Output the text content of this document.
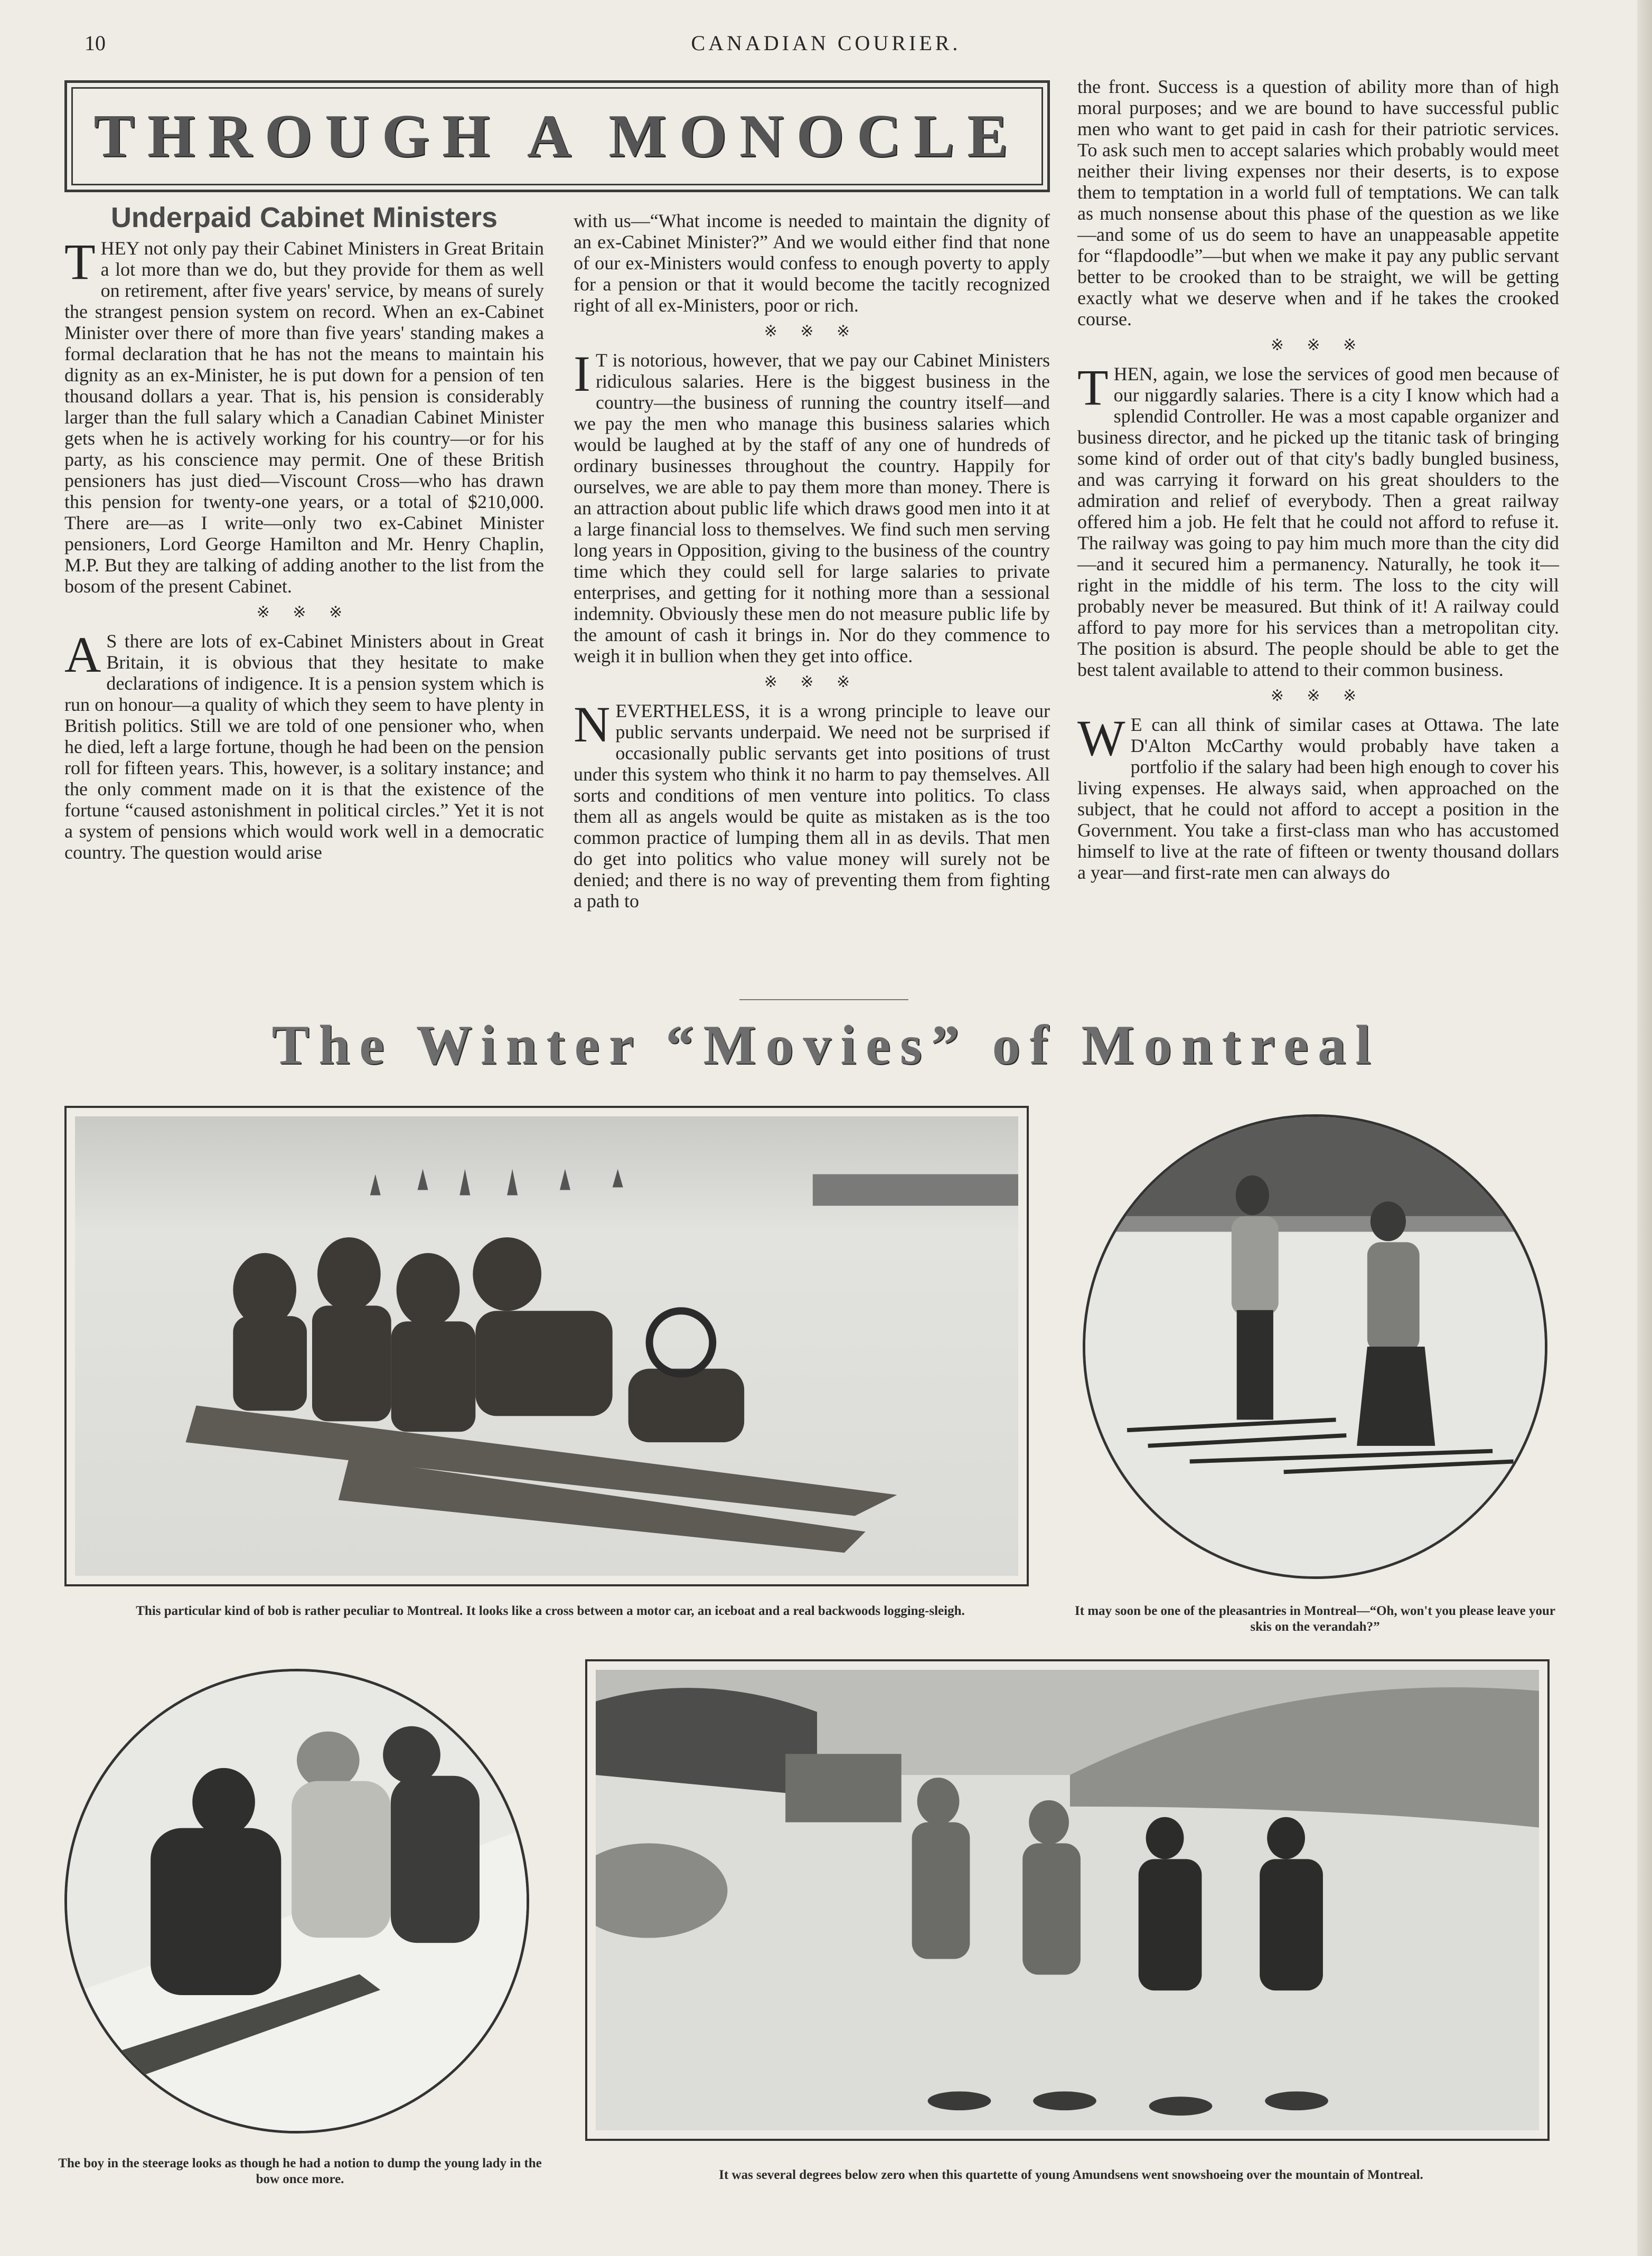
10	CANADIAN COURIER.
THROUGH A MONOCLE
Underpaid Cabinet Ministers

THEY not only pay their Cabinet Ministers in Great Britain a lot more than we do, but they provide for them as well on retirement, after five years' service, by means of surely the strangest pension system on record. When an ex-Cabinet Minister over there of more than five years' standing makes a formal declaration that he has not the means to maintain his dignity as an ex-Minister, he is put down for a pension of ten thousand dollars a year. That is, his pension is considerably larger than the full salary which a Canadian Cabinet Minister gets when he is actively working for his country—or for his party, as his conscience may permit. One of these British pensioners has just died—Viscount Cross—who has drawn this pension for twenty-one years, or a total of $210,000. There are—as I write—only two ex-Cabinet Minister pensioners, Lord George Hamilton and Mr. Henry Chaplin, M.P. But they are talking of adding another to the list from the bosom of the present Cabinet.

※ ※ ※

A S there are lots of ex-Cabinet Ministers about in Great Britain, it is obvious that they hesitate to make declarations of indigence. It is a pension system which is run on honour—a quality of which they seem to have plenty in British politics. Still we are told of one pensioner who, when he died, left a large fortune, though he had been on the pension roll for fifteen years. This, however, is a solitary instance; and the only comment made on it is that the existence of the fortune “caused astonishment in political circles.” Yet it is not a system of pensions which would work well in a democratic country. The question would arise

with us—“What income is needed to maintain the dignity of an ex-Cabinet Minister?” And we would either find that none of our ex-Ministers would confess to enough poverty to apply for a pension or that it would become the tacitly recognized right of all ex-Ministers, poor or rich.

※ ※ ※

I T is notorious, however, that we pay our Cabinet Ministers ridiculous salaries. Here is the biggest business in the country—the business of running the country itself—and we pay the men who manage this business salaries which would be laughed at by the staff of any one of hundreds of ordinary businesses throughout the country. Happily for ourselves, we are able to pay them more than money. There is an attraction about public life which draws good men into it at a large financial loss to themselves. We find such men serving long years in Opposition, giving to the business of the country time which they could sell for large salaries to private enterprises, and getting for it nothing more than a sessional indemnity. Obviously these men do not measure public life by the amount of cash it brings in. Nor do they commence to weigh it in bullion when they get into office.

※ ※ ※

NEVERTHELESS, it is a wrong principle to leave our public servants underpaid. We need not be surprised if occasionally public servants get into positions of trust under this system who think it no harm to pay themselves. All sorts and conditions of men venture into politics. To class them all as angels would be quite as mistaken as is the too common practice of lumping them all in as devils. That men do get into politics who value money will surely not be denied; and there is no way of preventing them from fighting a path to

the front. Success is a question of ability more than of high moral purposes; and we are bound to have successful public men who want to get paid in cash for their patriotic services. To ask such men to accept salaries which probably would meet neither their living expenses nor their deserts, is to expose them to temptation in a world full of temptations. We can talk as much nonsense about this phase of the question as we like—and some of us do seem to have an unappeasable appetite for “flapdoodle”—but when we make it pay any public servant better to be crooked than to be straight, we will be getting exactly what we deserve when and if he takes the crooked course.

※ ※ ※

THEN, again, we lose the services of good men because of our niggardly salaries. There is a city I know which had a splendid Controller. He was a most capable organizer and business director, and he picked up the titanic task of bringing some kind of order out of that city's badly bungled business, and was carrying it forward on his great shoulders to the admiration and relief of everybody. Then a great railway offered him a job. He felt that he could not afford to refuse it. The railway was going to pay him much more than the city did—and it secured him a permanency. Naturally, he took it—right in the middle of his term. The loss to the city will probably never be measured. But think of it! A railway could afford to pay more for his services than a metropolitan city. The position is absurd. The people should be able to get the best talent available to attend to their common business.

※ ※ ※

W E can all think of similar cases at Ottawa. The late D'Alton McCarthy would probably have taken a portfolio if the salary had been high enough to cover his living expenses. He always said, when approached on the subject, that he could not afford to accept a position in the Government. You take a first-class man who has accustomed himself to live at the rate of fifteen or twenty thousand dollars a year—and first-rate men can always do

The Winter “Movies” of Montreal
This particular kind of bob is rather peculiar to Montreal. It looks like a cross between a motor car, an iceboat and a real backwoods logging-sleigh.	It may soon be one of the pleasantries in Montreal—“Oh, won't you please leave your skis on the verandah?”
The boy in the steerage looks as though he had a notion to dump the young lady in the bow once more.	It was several degrees below zero when this quartette of young Amundsens went snowshoeing over the mountain of Montreal.
